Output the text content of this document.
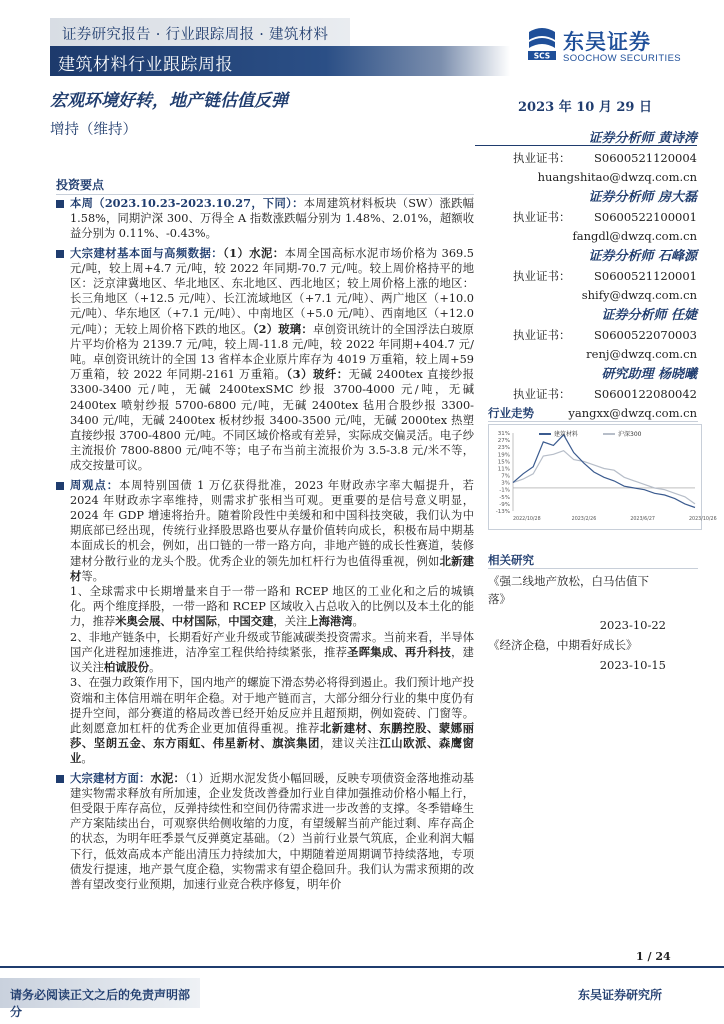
证券研究报告 · 行业跟踪周报 · 建筑材料
建筑材料行业跟踪周报	SCS
东吴证券
SOOCHOW SECURITIES
宏观环境好转，地产链估值反弹	2023 年 10 月 29 日
增持（维持）
证券分析师 黄诗涛
执业证书： S0600521120004
huangshitao@dwzq.com.cn
证券分析师 房大磊
执业证书： S0600522100001
fangdl@dwzq.com.cn
证券分析师 石峰源
执业证书： S0600521120001
shify@dwzq.com.cn
证券分析师 任婕
执业证书： S0600522070003
renj@dwzq.com.cn
研究助理 杨晓曦
执业证书： S0600122080042
yangxx@dwzq.com.cn
投资要点
本周（2023.10.23-2023.10.27，下同）：本周建筑材料板块（SW）涨跌幅 1.58%，同期沪深 300、万得全 A 指数涨跌幅分别为 1.48%、2.01%，超额收益分别为 0.11%、-0.43%。
大宗建材基本面与高频数据：（1）水泥：本周全国高标水泥市场价格为 369.5 元/吨，较上周+4.7 元/吨，较 2022 年同期-70.7 元/吨。较上周价格持平的地区：泛京津冀地区、华北地区、东北地区、西北地区；较上周价格上涨的地区：长三角地区（+12.5 元/吨）、长江流域地区（+7.1 元/吨）、两广地区（+10.0 元/吨）、华东地区（+7.1 元/吨）、中南地区（+5.0 元/吨）、西南地区（+12.0 元/吨）；无较上周价格下跌的地区。（2）玻璃：卓创资讯统计的全国浮法白玻原片平均价格为 2139.7 元/吨，较上周-11.8 元/吨，较 2022 年同期+404.7 元/吨。卓创资讯统计的全国 13 省样本企业原片库存为 4019 万重箱，较上周+59 万重箱，较 2022 年同期-2161 万重箱。（3）玻纤：无碱 2400tex 直接纱报 3300-3400 元/吨，无碱 2400texSMC 纱报 3700-4000 元/吨，无碱 2400tex 喷射纱报 5700-6800 元/吨，无碱 2400tex 毡用合股纱报 3300-3400 元/吨，无碱 2400tex 板材纱报 3400-3500 元/吨，无碱 2000tex 热塑直接纱报 3700-4800 元/吨。不同区域价格或有差异，实际成交偏灵活。电子纱主流报价 7800-8800 元/吨不等；电子布当前主流报价为 3.5-3.8 元/米不等，成交按量可议。
周观点：本周特别国债 1 万亿获得批准，2023 年财政赤字率大幅提升，若 2024 年财政赤字率维持，则需求扩张相当可观。更重要的是信号意义明显，2024 年 GDP 增速将抬升。随着阶段性中美缓和和中国科技突破，我们认为中期底部已经出现，传统行业择股思路也要从存量价值转向成长，积极布局中期基本面成长的机会，例如，出口链的一带一路方向，非地产链的成长性赛道，装修建材分散行业的龙头个股。优秀企业的领先加杠杆行为也值得重视，例如北新建材等。
1、全球需求中长期增量来自于一带一路和 RCEP 地区的工业化和之后的城镇化。两个维度择股，一带一路和 RCEP 区域收入占总收入的比例以及本土化的能力，推荐米奥会展、中材国际，中国交建，关注上海港湾。
2、非地产链条中，长期看好产业升级或节能减碳类投资需求。当前来看，半导体国产化进程加速推进，洁净室工程供给持续紧张，推荐圣晖集成、再升科技，建议关注柏诚股份。
3、在强力政策作用下，国内地产的螺旋下滑态势必将得到遏止。我们预计地产投资端和主体信用端在明年企稳。对于地产链而言，大部分细分行业的集中度仍有提升空间，部分赛道的格局改善已经开始反应并且超预期，例如瓷砖、门窗等。此刻愿意加杠杆的优秀企业更加值得重视。推荐北新建材、东鹏控股、蒙娜丽莎、坚朗五金、东方雨虹、伟星新材、旗滨集团，建议关注江山欧派、森鹰窗业。
大宗建材方面：水泥：（1）近期水泥发货小幅回暖，反映专项债资金落地推动基建实物需求释放有所加速，企业发货改善叠加行业自律加强推动价格小幅上行，但受限于库存高位，反弹持续性和空间仍待需求进一步改善的支撑。冬季错峰生产方案陆续出台，可观察供给侧收缩的力度，有望缓解当前产能过剩、库存高企的状态，为明年旺季景气反弹奠定基础。（2）当前行业景气筑底，企业利润大幅下行，低效高成本产能出清压力持续加大，中期随着逆周期调节持续落地，专项债发行提速，地产景气度企稳，实物需求有望企稳回升。我们认为需求预期的改善有望改变行业预期，加速行业竞合秩序修复，明年价
行业走势
31%
27%
23%
19%
15%
11%
7%
3%
-1%
-5%
-9%
-13%
2022/10/28	2023/2/26	2023/6/27	2023/10/26
建筑材料	沪深300
相关研究
《强二线地产放松，白马估值下落》
2023-10-22
《经济企稳，中期看好成长》
2023-10-15
1 / 24
请务必阅读正文之后的免责声明部分
东吴证券研究所
